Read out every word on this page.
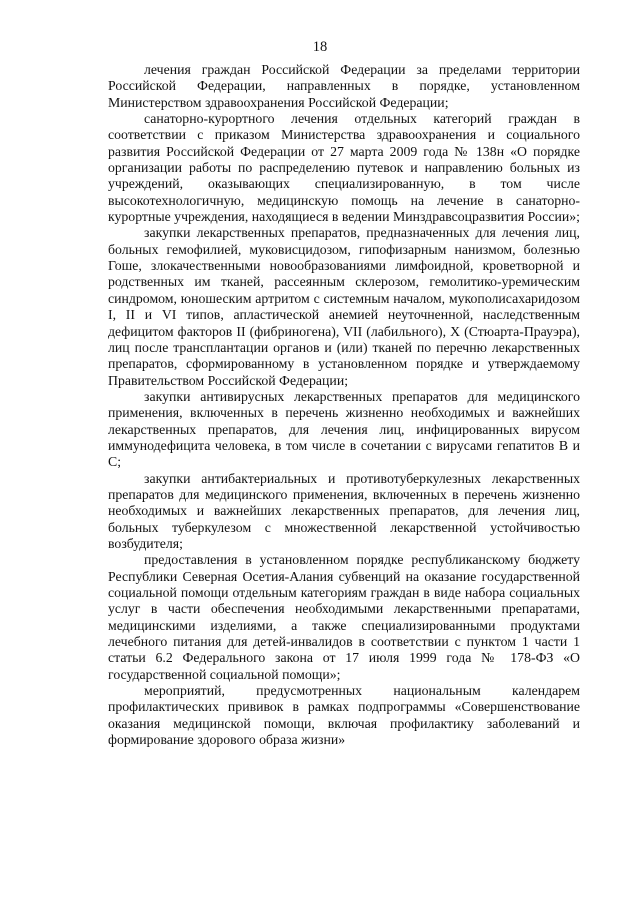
18

лечения граждан Российской Федерации за пределами территории Российской Федерации, направленных в порядке, установленном Министерством здравоохранения Российской Федерации;

санаторно-курортного лечения отдельных категорий граждан в соответствии с приказом Министерства здравоохранения и социального развития Российской Федерации от 27 марта 2009 года № 138н «О порядке организации работы по распределению путевок и направлению больных из учреждений, оказывающих специализированную, в том числе высокотехнологичную, медицинскую помощь на лечение в санаторно-курортные учреждения, находящиеся в ведении Минздравсоцразвития России»;

закупки лекарственных препаратов, предназначенных для лечения лиц, больных гемофилией, муковисцидозом, гипофизарным нанизмом, болезнью Гоше, злокачественными новообразованиями лимфоидной, кроветворной и родственных им тканей, рассеянным склерозом, гемолитико-уремическим синдромом, юношеским артритом с системным началом, мукополисахаридозом I, II и VI типов, апластической анемией неуточненной, наследственным дефицитом факторов II (фибриногена), VII (лабильного), X (Стюарта-Прауэра), лиц после трансплантации органов и (или) тканей по перечню лекарственных препаратов, сформированному в установленном порядке и утверждаемому Правительством Российской Федерации;

закупки антивирусных лекарственных препаратов для медицинского применения, включенных в перечень жизненно необходимых и важнейших лекарственных препаратов, для лечения лиц, инфицированных вирусом иммунодефицита человека, в том числе в сочетании с вирусами гепатитов B и C;

закупки антибактериальных и противотуберкулезных лекарственных препаратов для медицинского применения, включенных в перечень жизненно необходимых и важнейших лекарственных препаратов, для лечения лиц, больных туберкулезом с множественной лекарственной устойчивостью возбудителя;

предоставления в установленном порядке республиканскому бюджету Республики Северная Осетия-Алания субвенций на оказание государственной социальной помощи отдельным категориям граждан в виде набора социальных услуг в части обеспечения необходимыми лекарственными препаратами, медицинскими изделиями, а также специализированными продуктами лечебного питания для детей-инвалидов в соответствии с пунктом 1 части 1 статьи 6.2 Федерального закона от 17 июля 1999 года № 178-ФЗ «О государственной социальной помощи»;

мероприятий, предусмотренных национальным календарем профилактических прививок в рамках подпрограммы «Совершенствование оказания медицинской помощи, включая профилактику заболеваний и формирование здорового образа жизни»
